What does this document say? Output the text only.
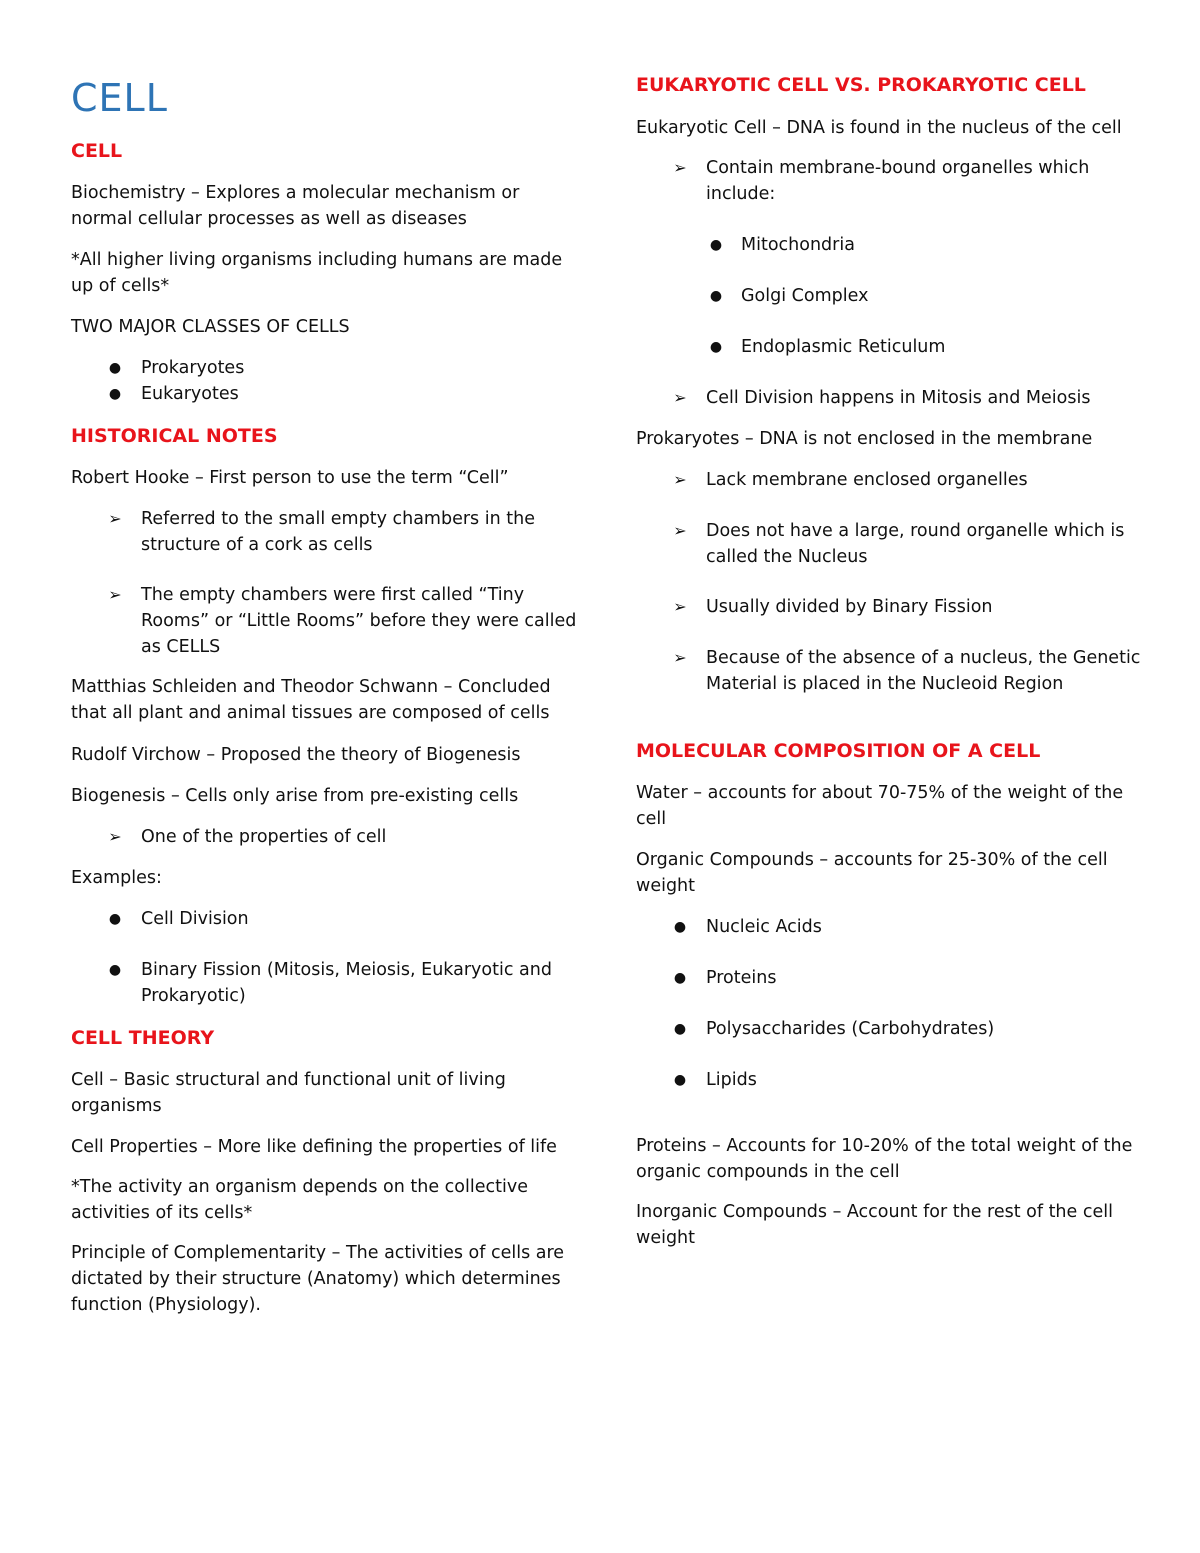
CELL
CELL

Biochemistry – Explores a molecular mechanism or normal cellular processes as well as diseases

*All higher living organisms including humans are made up of cells*

TWO MAJOR CLASSES OF CELLS

● Prokaryotes
● Eukaryotes
HISTORICAL NOTES

Robert Hooke – First person to use the term “Cell”

➢ Referred to the small empty chambers in the structure of a cork as cells
➢ The empty chambers were first called “Tiny Rooms” or “Little Rooms” before they were called as CELLS

Matthias Schleiden and Theodor Schwann – Concluded that all plant and animal tissues are composed of cells

Rudolf Virchow – Proposed the theory of Biogenesis

Biogenesis – Cells only arise from pre-existing cells

➢ One of the properties of cell

Examples:

● Cell Division
● Binary Fission (Mitosis, Meiosis, Eukaryotic and Prokaryotic)
CELL THEORY

Cell – Basic structural and functional unit of living organisms

Cell Properties – More like defining the properties of life

*The activity an organism depends on the collective activities of its cells*

Principle of Complementarity – The activities of cells are dictated by their structure (Anatomy) which determines function (Physiology).

EUKARYOTIC CELL VS. PROKARYOTIC CELL

Eukaryotic Cell – DNA is found in the nucleus of the cell

➢ Contain membrane-bound organelles which include:
● Mitochondria
● Golgi Complex
● Endoplasmic Reticulum
➢ Cell Division happens in Mitosis and Meiosis

Prokaryotes – DNA is not enclosed in the membrane

➢ Lack membrane enclosed organelles
➢ Does not have a large, round organelle which is called the Nucleus
➢ Usually divided by Binary Fission
➢ Because of the absence of a nucleus, the Genetic Material is placed in the Nucleoid Region
MOLECULAR COMPOSITION OF A CELL

Water – accounts for about 70-75% of the weight of the cell

Organic Compounds – accounts for 25-30% of the cell weight

● Nucleic Acids
● Proteins
● Polysaccharides (Carbohydrates)
● Lipids

Proteins – Accounts for 10-20% of the total weight of the organic compounds in the cell

Inorganic Compounds – Account for the rest of the cell weight
